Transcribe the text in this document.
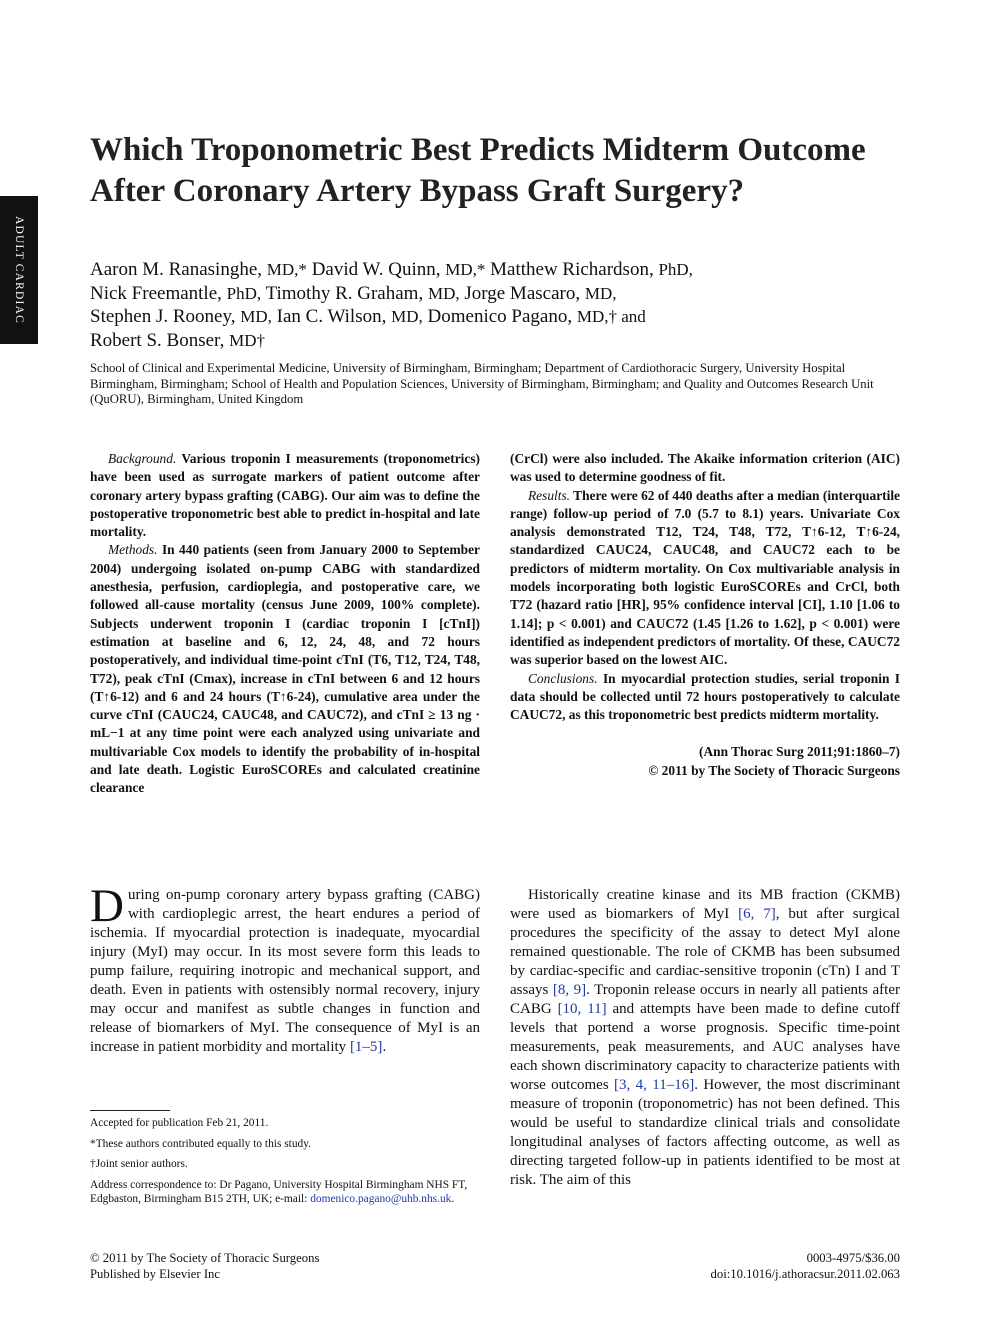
ADULT CARDIAC
Which Troponometric Best Predicts Midterm Outcome After Coronary Artery Bypass Graft Surgery?
Aaron M. Ranasinghe, MD,* David W. Quinn, MD,* Matthew Richardson, PhD,
Nick Freemantle, PhD, Timothy R. Graham, MD, Jorge Mascaro, MD,
Stephen J. Rooney, MD, Ian C. Wilson, MD, Domenico Pagano, MD,† and
Robert S. Bonser, MD†
School of Clinical and Experimental Medicine, University of Birmingham, Birmingham; Department of Cardiothoracic Surgery, University Hospital Birmingham, Birmingham; School of Health and Population Sciences, University of Birmingham, Birmingham; and Quality and Outcomes Research Unit (QuORU), Birmingham, United Kingdom

Background. Various troponin I measurements (troponometrics) have been used as surrogate markers of patient outcome after coronary artery bypass grafting (CABG). Our aim was to define the postoperative troponometric best able to predict in-hospital and late mortality.

Methods. In 440 patients (seen from January 2000 to September 2004) undergoing isolated on-pump CABG with standardized anesthesia, perfusion, cardioplegia, and postoperative care, we followed all-cause mortality (census June 2009, 100% complete). Subjects underwent troponin I (cardiac troponin I [cTnI]) estimation at baseline and 6, 12, 24, 48, and 72 hours postoperatively, and individual time-point cTnI (T6, T12, T24, T48, T72), peak cTnI (Cmax), increase in cTnI between 6 and 12 hours (T↑6-12) and 6 and 24 hours (T↑6-24), cumulative area under the curve cTnI (CAUC24, CAUC48, and CAUC72), and cTnI ≥ 13 ng · mL−1 at any time point were each analyzed using univariate and multivariable Cox models to identify the probability of in-hospital and late death. Logistic EuroSCOREs and calculated creatinine clearance

(CrCl) were also included. The Akaike information criterion (AIC) was used to determine goodness of fit.

Results. There were 62 of 440 deaths after a median (interquartile range) follow-up period of 7.0 (5.7 to 8.1) years. Univariate Cox analysis demonstrated T12, T24, T48, T72, T↑6-12, T↑6-24, standardized CAUC24, CAUC48, and CAUC72 each to be predictors of midterm mortality. On Cox multivariable analysis in models incorporating both logistic EuroSCOREs and CrCl, both T72 (hazard ratio [HR], 95% confidence interval [CI], 1.10 [1.06 to 1.14]; p < 0.001) and CAUC72 (1.45 [1.26 to 1.62], p < 0.001) were identified as independent predictors of mortality. Of these, CAUC72 was superior based on the lowest AIC.

Conclusions. In myocardial protection studies, serial troponin I data should be collected until 72 hours postoperatively to calculate CAUC72, as this troponometric best predicts midterm mortality.

(Ann Thorac Surg 2011;91:1860–7)
© 2011 by The Society of Thoracic Surgeons

During on-pump coronary artery bypass grafting (CABG) with cardioplegic arrest, the heart endures a period of ischemia. If myocardial protection is inadequate, myocardial injury (MyI) may occur. In its most severe form this leads to pump failure, requiring inotropic and mechanical support, and death. Even in patients with ostensibly normal recovery, injury may occur and manifest as subtle changes in function and release of biomarkers of MyI. The consequence of MyI is an increase in patient morbidity and mortality [1–5].

Historically creatine kinase and its MB fraction (CKMB) were used as biomarkers of MyI [6, 7], but after surgical procedures the specificity of the assay to detect MyI alone remained questionable. The role of CKMB has been subsumed by cardiac-specific and cardiac-sensitive troponin (cTn) I and T assays [8, 9]. Troponin release occurs in nearly all patients after CABG [10, 11] and attempts have been made to define cutoff levels that portend a worse prognosis. Specific time-point measurements, peak measurements, and AUC analyses have each shown discriminatory capacity to characterize patients with worse outcomes [3, 4, 11–16]. However, the most discriminant measure of troponin (troponometric) has not been defined. This would be useful to standardize clinical trials and consolidate longitudinal analyses of factors affecting outcome, as well as directing targeted follow-up in patients identified to be most at risk. The aim of this

Accepted for publication Feb 21, 2011.

*These authors contributed equally to this study.

†Joint senior authors.

Address correspondence to: Dr Pagano, University Hospital Birmingham NHS FT, Edgbaston, Birmingham B15 2TH, UK; e-mail: domenico.pagano@uhb.nhs.uk.

© 2011 by The Society of Thoracic Surgeons
Published by Elsevier Inc
0003-4975/$36.00
doi:10.1016/j.athoracsur.2011.02.063
